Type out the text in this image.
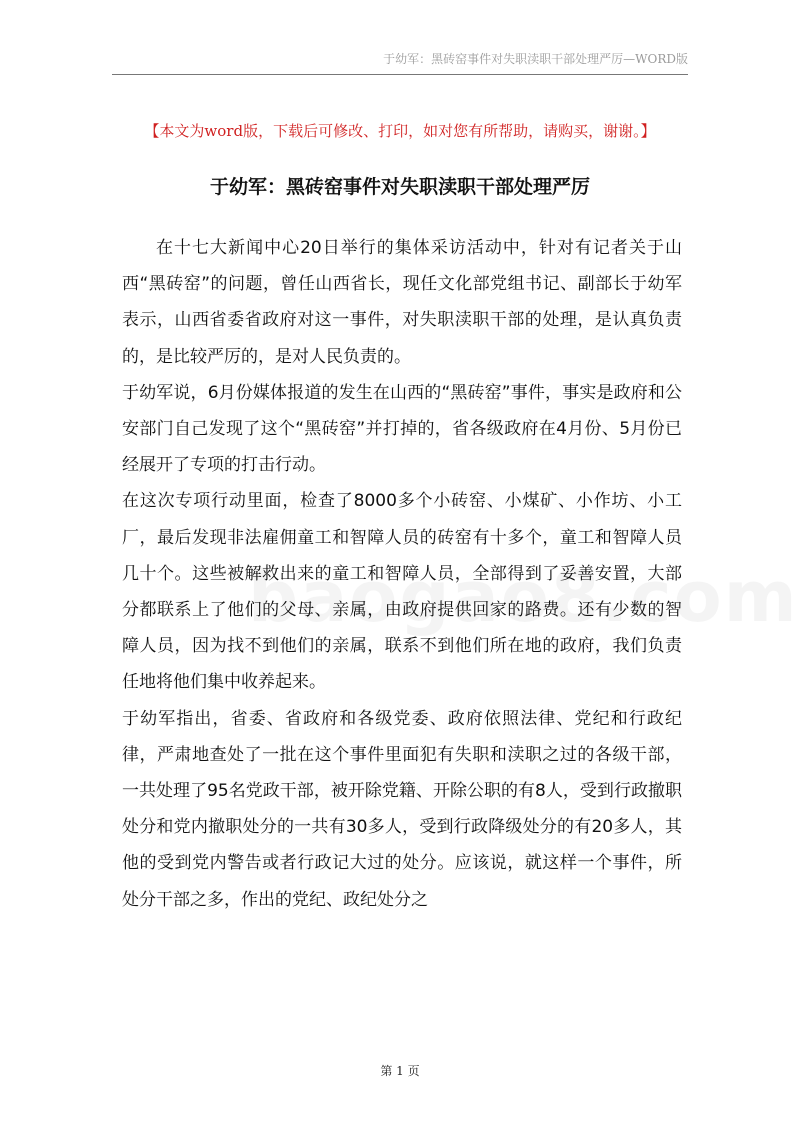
于幼军：黑砖窑事件对失职渎职干部处理严厉—WORD版
【本文为word版，下载后可修改、打印，如对您有所帮助，请购买，谢谢。】
于幼军：黑砖窑事件对失职渎职干部处理严厉

在十七大新闻中心20日举行的集体采访活动中，针对有记者关于山西“黑砖窑”的问题，曾任山西省长，现任文化部党组书记、副部长于幼军表示，山西省委省政府对这一事件，对失职渎职干部的处理，是认真负责的，是比较严厉的，是对人民负责的。

于幼军说，6月份媒体报道的发生在山西的“黑砖窑”事件，事实是政府和公安部门自己发现了这个“黑砖窑”并打掉的，省各级政府在4月份、5月份已经展开了专项的打击行动。

在这次专项行动里面，检查了8000多个小砖窑、小煤矿、小作坊、小工厂，最后发现非法雇佣童工和智障人员的砖窑有十多个，童工和智障人员几十个。这些被解救出来的童工和智障人员，全部得到了妥善安置，大部分都联系上了他们的父母、亲属，由政府提供回家的路费。还有少数的智障人员，因为找不到他们的亲属，联系不到他们所在地的政府，我们负责任地将他们集中收养起来。

于幼军指出，省委、省政府和各级党委、政府依照法律、党纪和行政纪律，严肃地查处了一批在这个事件里面犯有失职和渎职之过的各级干部，一共处理了95名党政干部，被开除党籍、开除公职的有8人，受到行政撤职处分和党内撤职处分的一共有30多人，受到行政降级处分的有20多人，其他的受到党内警告或者行政记大过的处分。应该说，就这样一个事件，所处分干部之多，作出的党纪、政纪处分之

第 1 页
